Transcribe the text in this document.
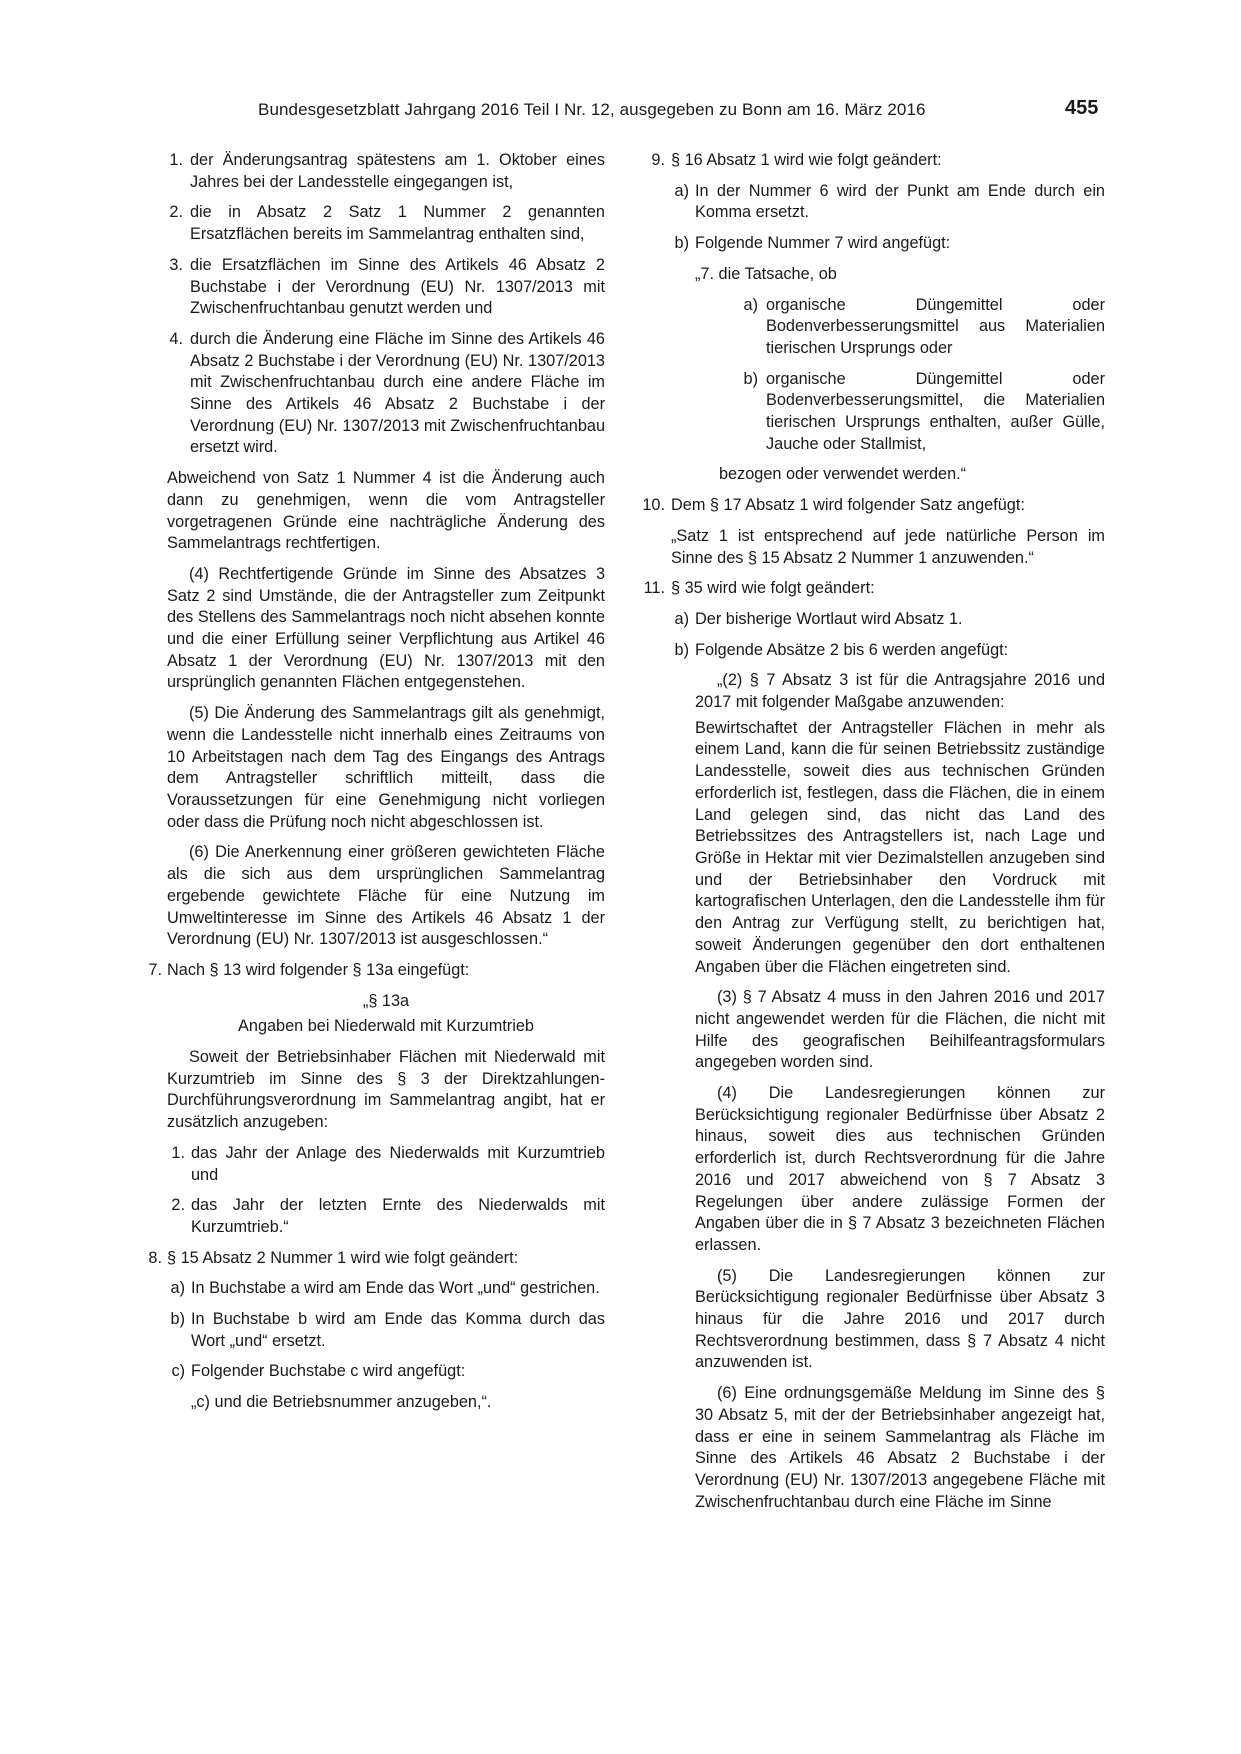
Bundesgesetzblatt Jahrgang 2016 Teil I Nr. 12, ausgegeben zu Bonn am 16. März 2016	455
1. der Änderungsantrag spätestens am 1. Oktober eines Jahres bei der Landesstelle eingegangen ist,
2. die in Absatz 2 Satz 1 Nummer 2 genannten Ersatzflächen bereits im Sammelantrag enthalten sind,
3. die Ersatzflächen im Sinne des Artikels 46 Absatz 2 Buchstabe i der Verordnung (EU) Nr. 1307/2013 mit Zwischenfruchtanbau genutzt werden und
4. durch die Änderung eine Fläche im Sinne des Artikels 46 Absatz 2 Buchstabe i der Verordnung (EU) Nr. 1307/2013 mit Zwischenfruchtanbau durch eine andere Fläche im Sinne des Artikels 46 Absatz 2 Buchstabe i der Verordnung (EU) Nr. 1307/2013 mit Zwischenfruchtanbau ersetzt wird.
Abweichend von Satz 1 Nummer 4 ist die Änderung auch dann zu genehmigen, wenn die vom Antragsteller vorgetragenen Gründe eine nachträgliche Änderung des Sammelantrags rechtfertigen.
(4) Rechtfertigende Gründe im Sinne des Absatzes 3 Satz 2 sind Umstände, die der Antragsteller zum Zeitpunkt des Stellens des Sammelantrags noch nicht absehen konnte und die einer Erfüllung seiner Verpflichtung aus Artikel 46 Absatz 1 der Verordnung (EU) Nr. 1307/2013 mit den ursprünglich genannten Flächen entgegenstehen.
(5) Die Änderung des Sammelantrags gilt als genehmigt, wenn die Landesstelle nicht innerhalb eines Zeitraums von 10 Arbeitstagen nach dem Tag des Eingangs des Antrags dem Antragsteller schriftlich mitteilt, dass die Voraussetzungen für eine Genehmigung nicht vorliegen oder dass die Prüfung noch nicht abgeschlossen ist.
(6) Die Anerkennung einer größeren gewichteten Fläche als die sich aus dem ursprünglichen Sammelantrag ergebende gewichtete Fläche für eine Nutzung im Umweltinteresse im Sinne des Artikels 46 Absatz 1 der Verordnung (EU) Nr. 1307/2013 ist ausgeschlossen.“
7. Nach § 13 wird folgender § 13a eingefügt:
„§ 13a
Angaben bei Niederwald mit Kurzumtrieb
Soweit der Betriebsinhaber Flächen mit Niederwald mit Kurzumtrieb im Sinne des § 3 der Direktzahlungen-Durchführungsverordnung im Sammelantrag angibt, hat er zusätzlich anzugeben:
1. das Jahr der Anlage des Niederwalds mit Kurzumtrieb und
2. das Jahr der letzten Ernte des Niederwalds mit Kurzumtrieb.“
8. § 15 Absatz 2 Nummer 1 wird wie folgt geändert:
a) In Buchstabe a wird am Ende das Wort „und“ gestrichen.
b) In Buchstabe b wird am Ende das Komma durch das Wort „und“ ersetzt.
c) Folgender Buchstabe c wird angefügt:
„c) und die Betriebsnummer anzugeben,“.
9. § 16 Absatz 1 wird wie folgt geändert:
a) In der Nummer 6 wird der Punkt am Ende durch ein Komma ersetzt.
b) Folgende Nummer 7 wird angefügt:
„7. die Tatsache, ob
a) organische Düngemittel oder Bodenverbesserungsmittel aus Materialien tierischen Ursprungs oder
b) organische Düngemittel oder Bodenverbesserungsmittel, die Materialien tierischen Ursprungs enthalten, außer Gülle, Jauche oder Stallmist,
bezogen oder verwendet werden.“
10. Dem § 17 Absatz 1 wird folgender Satz angefügt:
„Satz 1 ist entsprechend auf jede natürliche Person im Sinne des § 15 Absatz 2 Nummer 1 anzuwenden.“
11. § 35 wird wie folgt geändert:
a) Der bisherige Wortlaut wird Absatz 1.
b) Folgende Absätze 2 bis 6 werden angefügt:
„(2) § 7 Absatz 3 ist für die Antragsjahre 2016 und 2017 mit folgender Maßgabe anzuwenden:
Bewirtschaftet der Antragsteller Flächen in mehr als einem Land, kann die für seinen Betriebssitz zuständige Landesstelle, soweit dies aus technischen Gründen erforderlich ist, festlegen, dass die Flächen, die in einem Land gelegen sind, das nicht das Land des Betriebssitzes des Antragstellers ist, nach Lage und Größe in Hektar mit vier Dezimalstellen anzugeben sind und der Betriebsinhaber den Vordruck mit kartografischen Unterlagen, den die Landesstelle ihm für den Antrag zur Verfügung stellt, zu berichtigen hat, soweit Änderungen gegenüber den dort enthaltenen Angaben über die Flächen eingetreten sind.
(3) § 7 Absatz 4 muss in den Jahren 2016 und 2017 nicht angewendet werden für die Flächen, die nicht mit Hilfe des geografischen Beihilfeantragsformulars angegeben worden sind.
(4) Die Landesregierungen können zur Berücksichtigung regionaler Bedürfnisse über Absatz 2 hinaus, soweit dies aus technischen Gründen erforderlich ist, durch Rechtsverordnung für die Jahre 2016 und 2017 abweichend von § 7 Absatz 3 Regelungen über andere zulässige Formen der Angaben über die in § 7 Absatz 3 bezeichneten Flächen erlassen.
(5) Die Landesregierungen können zur Berücksichtigung regionaler Bedürfnisse über Absatz 3 hinaus für die Jahre 2016 und 2017 durch Rechtsverordnung bestimmen, dass § 7 Absatz 4 nicht anzuwenden ist.
(6) Eine ordnungsgemäße Meldung im Sinne des § 30 Absatz 5, mit der der Betriebsinhaber angezeigt hat, dass er eine in seinem Sammelantrag als Fläche im Sinne des Artikels 46 Absatz 2 Buchstabe i der Verordnung (EU) Nr. 1307/2013 angegebene Fläche mit Zwischenfruchtanbau durch eine Fläche im Sinne
